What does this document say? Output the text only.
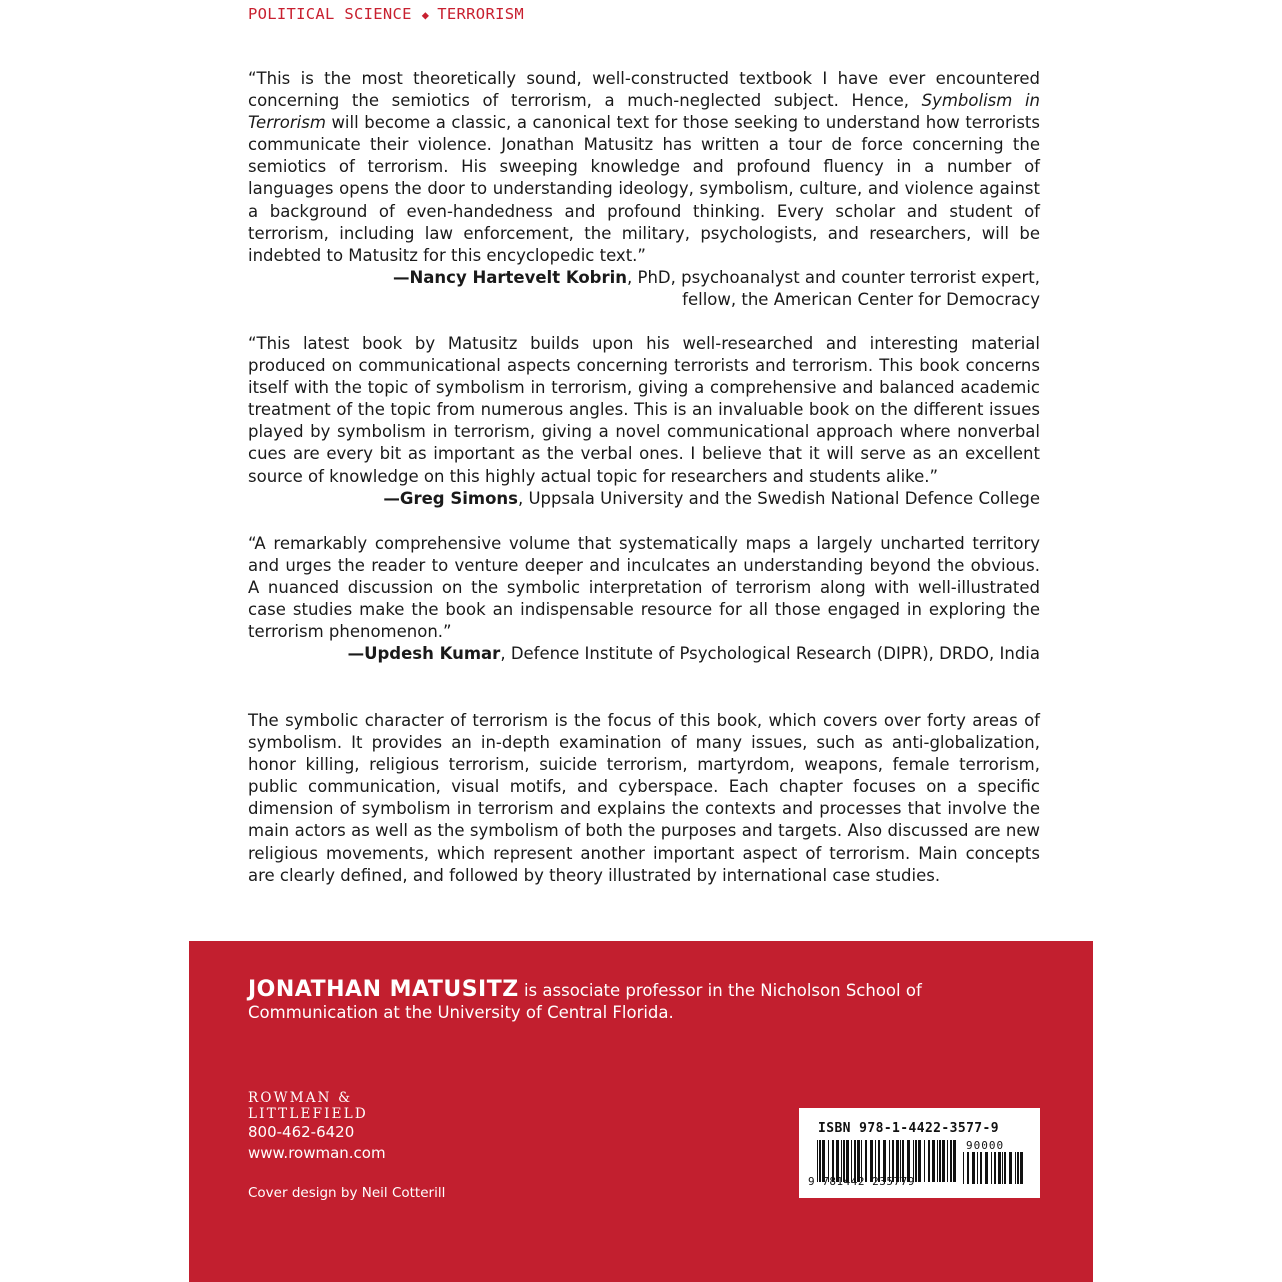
POLITICAL SCIENCE ◆ TERRORISM

“This is the most theoretically sound, well-constructed textbook I have ever encountered concerning the semiotics of terrorism, a much-neglected subject. Hence, Symbolism in Terrorism will become a classic, a canonical text for those seeking to understand how terrorists communicate their violence. Jonathan Matusitz has written a tour de force concerning the semiotics of terrorism. His sweeping knowledge and profound fluency in a number of languages opens the door to understanding ideology, symbolism, culture, and violence against a background of even-handedness and profound thinking. Every scholar and student of terrorism, including law enforcement, the military, psychologists, and researchers, will be indebted to Matusitz for this encyclopedic text.”

—Nancy Hartevelt Kobrin, PhD, psychoanalyst and counter terrorist expert,
fellow, the American Center for Democracy

“This latest book by Matusitz builds upon his well-researched and interesting material produced on communicational aspects concerning terrorists and terrorism. This book concerns itself with the topic of symbolism in terrorism, giving a comprehensive and balanced academic treatment of the topic from numerous angles. This is an invaluable book on the different issues played by symbolism in terrorism, giving a novel communicational approach where nonverbal cues are every bit as important as the verbal ones. I believe that it will serve as an excellent source of knowledge on this highly actual topic for researchers and students alike.”

—Greg Simons, Uppsala University and the Swedish National Defence College

“A remarkably comprehensive volume that systematically maps a largely uncharted territory and urges the reader to venture deeper and inculcates an understanding beyond the obvious. A nuanced discussion on the symbolic interpretation of terrorism along with well-illustrated case studies make the book an indispensable resource for all those engaged in exploring the terrorism phenomenon.”

—Updesh Kumar, Defence Institute of Psychological Research (DIPR), DRDO, India

The symbolic character of terrorism is the focus of this book, which covers over forty areas of symbolism. It provides an in-depth examination of many issues, such as anti-globalization, honor killing, religious terrorism, suicide terrorism, martyrdom, weapons, female terrorism, public communication, visual motifs, and cyberspace. Each chapter focuses on a specific dimension of symbolism in terrorism and explains the contexts and processes that involve the main actors as well as the symbolism of both the purposes and targets. Also discussed are new religious movements, which represent another important aspect of terrorism. Main concepts are clearly defined, and followed by theory illustrated by international case studies.

JONATHAN MATUSITZ is associate professor in the Nicholson School of Communication at the University of Central Florida.
ROWMAN &
LITTLEFIELD
800-462-6420
www.rowman.com
Cover design by Neil Cotterill
ISBN 978-1-4422-3577-9
90000
9 781442 235779
